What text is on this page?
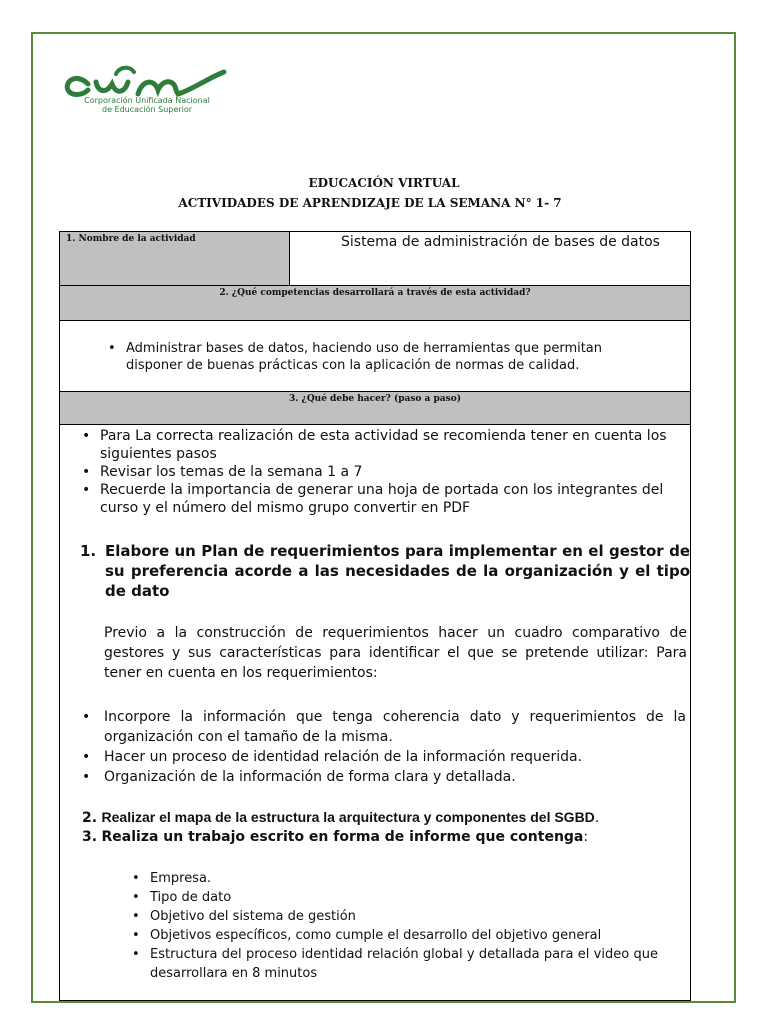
Corporación Unificada Nacional
de Educación Superior
EDUCACIÓN VIRTUAL
ACTIVIDADES DE APRENDIZAJE DE LA SEMANA N° 1- 7
1. Nombre de la actividad	Sistema de administración de bases de datos
2. ¿Qué competencias desarrollará a través de esta actividad?
• Administrar bases de datos, haciendo uso de herramientas que permitan disponer de buenas prácticas con la aplicación de normas de calidad.
3. ¿Qué debe hacer? (paso a paso)
• Para La correcta realización de esta actividad se recomienda tener en cuenta los siguientes pasos
• Revisar los temas de la semana 1 a 7
• Recuerde la importancia de generar una hoja de portada con los integrantes del curso y el número del mismo grupo convertir en PDF
1. Elabore un Plan de requerimientos para implementar en el gestor de su preferencia acorde a las necesidades de la organización y el tipo de dato
Previo a la construcción de requerimientos hacer un cuadro comparativo de gestores y sus características para identificar el que se pretende utilizar: Para tener en cuenta en los requerimientos:
• Incorpore la información que tenga coherencia dato y requerimientos de la organización con el tamaño de la misma.
• Hacer un proceso de identidad relación de la información requerida.
• Organización de la información de forma clara y detallada.
2. Realizar el mapa de la estructura la arquitectura y componentes del SGBD.
3. Realiza un trabajo escrito en forma de informe que contenga:
• Empresa.
• Tipo de dato
• Objetivo del sistema de gestión
• Objetivos específicos, como cumple el desarrollo del objetivo general
• Estructura del proceso identidad relación global y detallada para el video que desarrollara en 8 minutos
